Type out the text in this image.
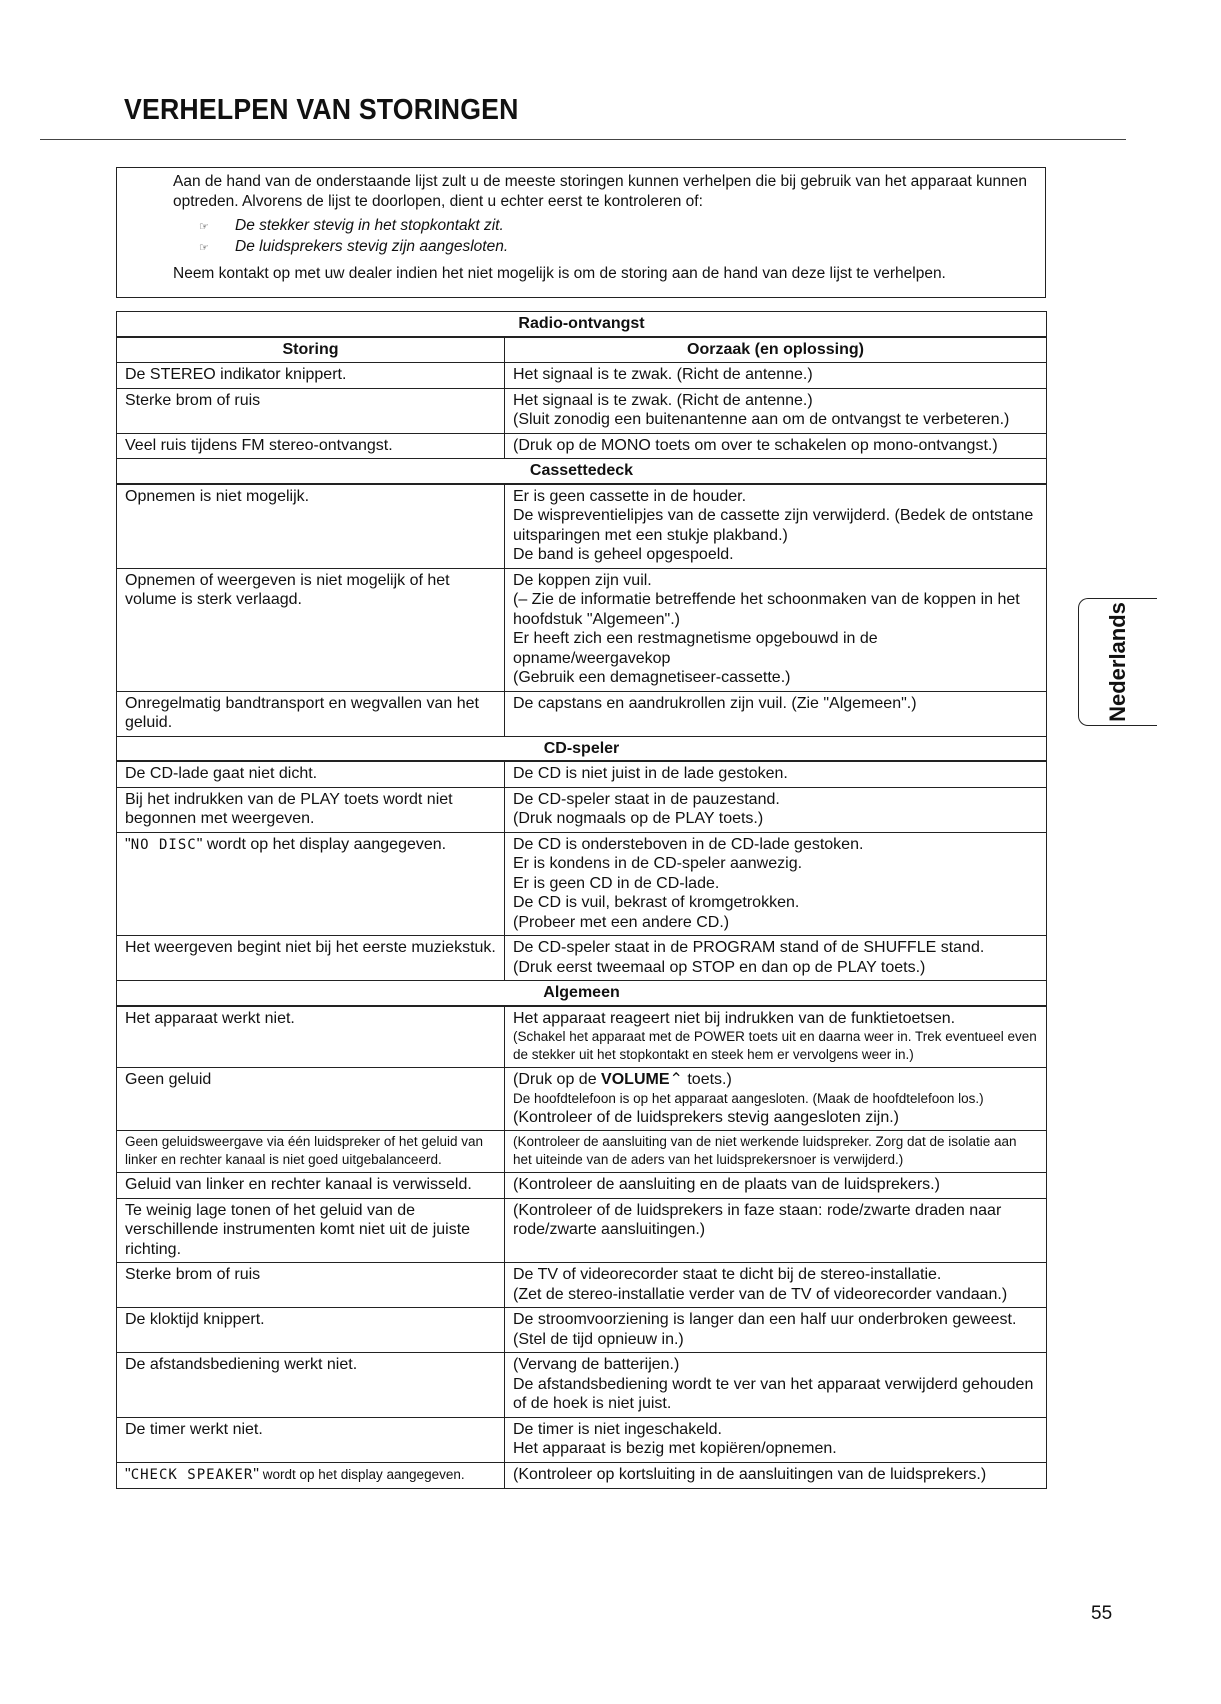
VERHELPEN VAN STORINGEN

Aan de hand van de onderstaande lijst zult u de meeste storingen kunnen verhelpen die bij gebruik van het apparaat kunnen optreden. Alvorens de lijst te doorlopen, dient u echter eerst te kontroleren of:

☞ De stekker stevig in het stopkontakt zit.

☞ De luidsprekers stevig zijn aangesloten.

Neem kontakt op met uw dealer indien het niet mogelijk is om de storing aan de hand van deze lijst te verhelpen.

Radio-ontvangst	
Storing	Oorzaak (en oplossing)
De STEREO indikator knippert.	Het signaal is te zwak. (Richt de antenne.)

Sterke brom of ruis	Het signaal is te zwak. (Richt de antenne.)
(Sluit zonodig een buitenantenne aan om de ontvangst te verbeteren.)

Veel ruis tijdens FM stereo-ontvangst.	(Druk op de MONO toets om over te schakelen op mono-ontvangst.)

Cassettedeck	
Opnemen is niet mogelijk.	Er is geen cassette in de houder.
De wispreventielipjes van de cassette zijn verwijderd. (Bedek de ontstane uitsparingen met een stukje plakband.)
De band is geheel opgespoeld.

Opnemen of weergeven is niet mogelijk of het volume is sterk verlaagd.	De koppen zijn vuil.
(– Zie de informatie betreffende het schoonmaken van de koppen in het hoofdstuk "Algemeen".)
Er heeft zich een restmagnetisme opgebouwd in de opname/weergavekop
(Gebruik een demagnetiseer-cassette.)

Onregelmatig bandtransport en wegvallen van het geluid.	De capstans en aandrukrollen zijn vuil. (Zie "Algemeen".)

CD-speler	
De CD-lade gaat niet dicht.	De CD is niet juist in de lade gestoken.

Bij het indrukken van de PLAY toets wordt niet begonnen met weergeven.	De CD-speler staat in de pauzestand.
(Druk nogmaals op de PLAY toets.)

"NO DISC" wordt op het display aangegeven.	De CD is ondersteboven in de CD-lade gestoken.
Er is kondens in de CD-speler aanwezig.
Er is geen CD in de CD-lade.
De CD is vuil, bekrast of kromgetrokken.
(Probeer met een andere CD.)

Het weergeven begint niet bij het eerste muziekstuk.	De CD-speler staat in de PROGRAM stand of de SHUFFLE stand.
(Druk eerst tweemaal op STOP en dan op de PLAY toets.)

Algemeen	
Het apparaat werkt niet.	Het apparaat reageert niet bij indrukken van de funktietoetsen.
(Schakel het apparaat met de POWER toets uit en daarna weer in. Trek eventueel even de stekker uit het stopkontakt en steek hem er vervolgens weer in.)

Geen geluid	(Druk op de VOLUME⌃ toets.)
De hoofdtelefoon is op het apparaat aangesloten. (Maak de hoofdtelefoon los.)
(Kontroleer of de luidsprekers stevig aangesloten zijn.)

Geen geluidsweergave via één luidspreker of het geluid van linker en rechter kanaal is niet goed uitgebalanceerd.	(Kontroleer de aansluiting van de niet werkende luidspreker. Zorg dat de isolatie aan het uiteinde van de aders van het luidsprekersnoer is verwijderd.)

Geluid van linker en rechter kanaal is verwisseld.	(Kontroleer de aansluiting en de plaats van de luidsprekers.)

Te weinig lage tonen of het geluid van de verschillende instrumenten komt niet uit de juiste richting.	(Kontroleer of de luidsprekers in faze staan: rode/zwarte draden naar rode/zwarte aansluitingen.)

Sterke brom of ruis	De TV of videorecorder staat te dicht bij de stereo-installatie.
(Zet de stereo-installatie verder van de TV of videorecorder vandaan.)

De kloktijd knippert.	De stroomvoorziening is langer dan een half uur onderbroken geweest.
(Stel de tijd opnieuw in.)

De afstandsbediening werkt niet.	(Vervang de batterijen.)
De afstandsbediening wordt te ver van het apparaat verwijderd gehouden of de hoek is niet juist.

De timer werkt niet.	De timer is niet ingeschakeld.
Het apparaat is bezig met kopiëren/opnemen.

"CHECK SPEAKER" wordt op het display aangegeven.	(Kontroleer op kortsluiting in de aansluitingen van de luidsprekers.)
Nederlands
55
